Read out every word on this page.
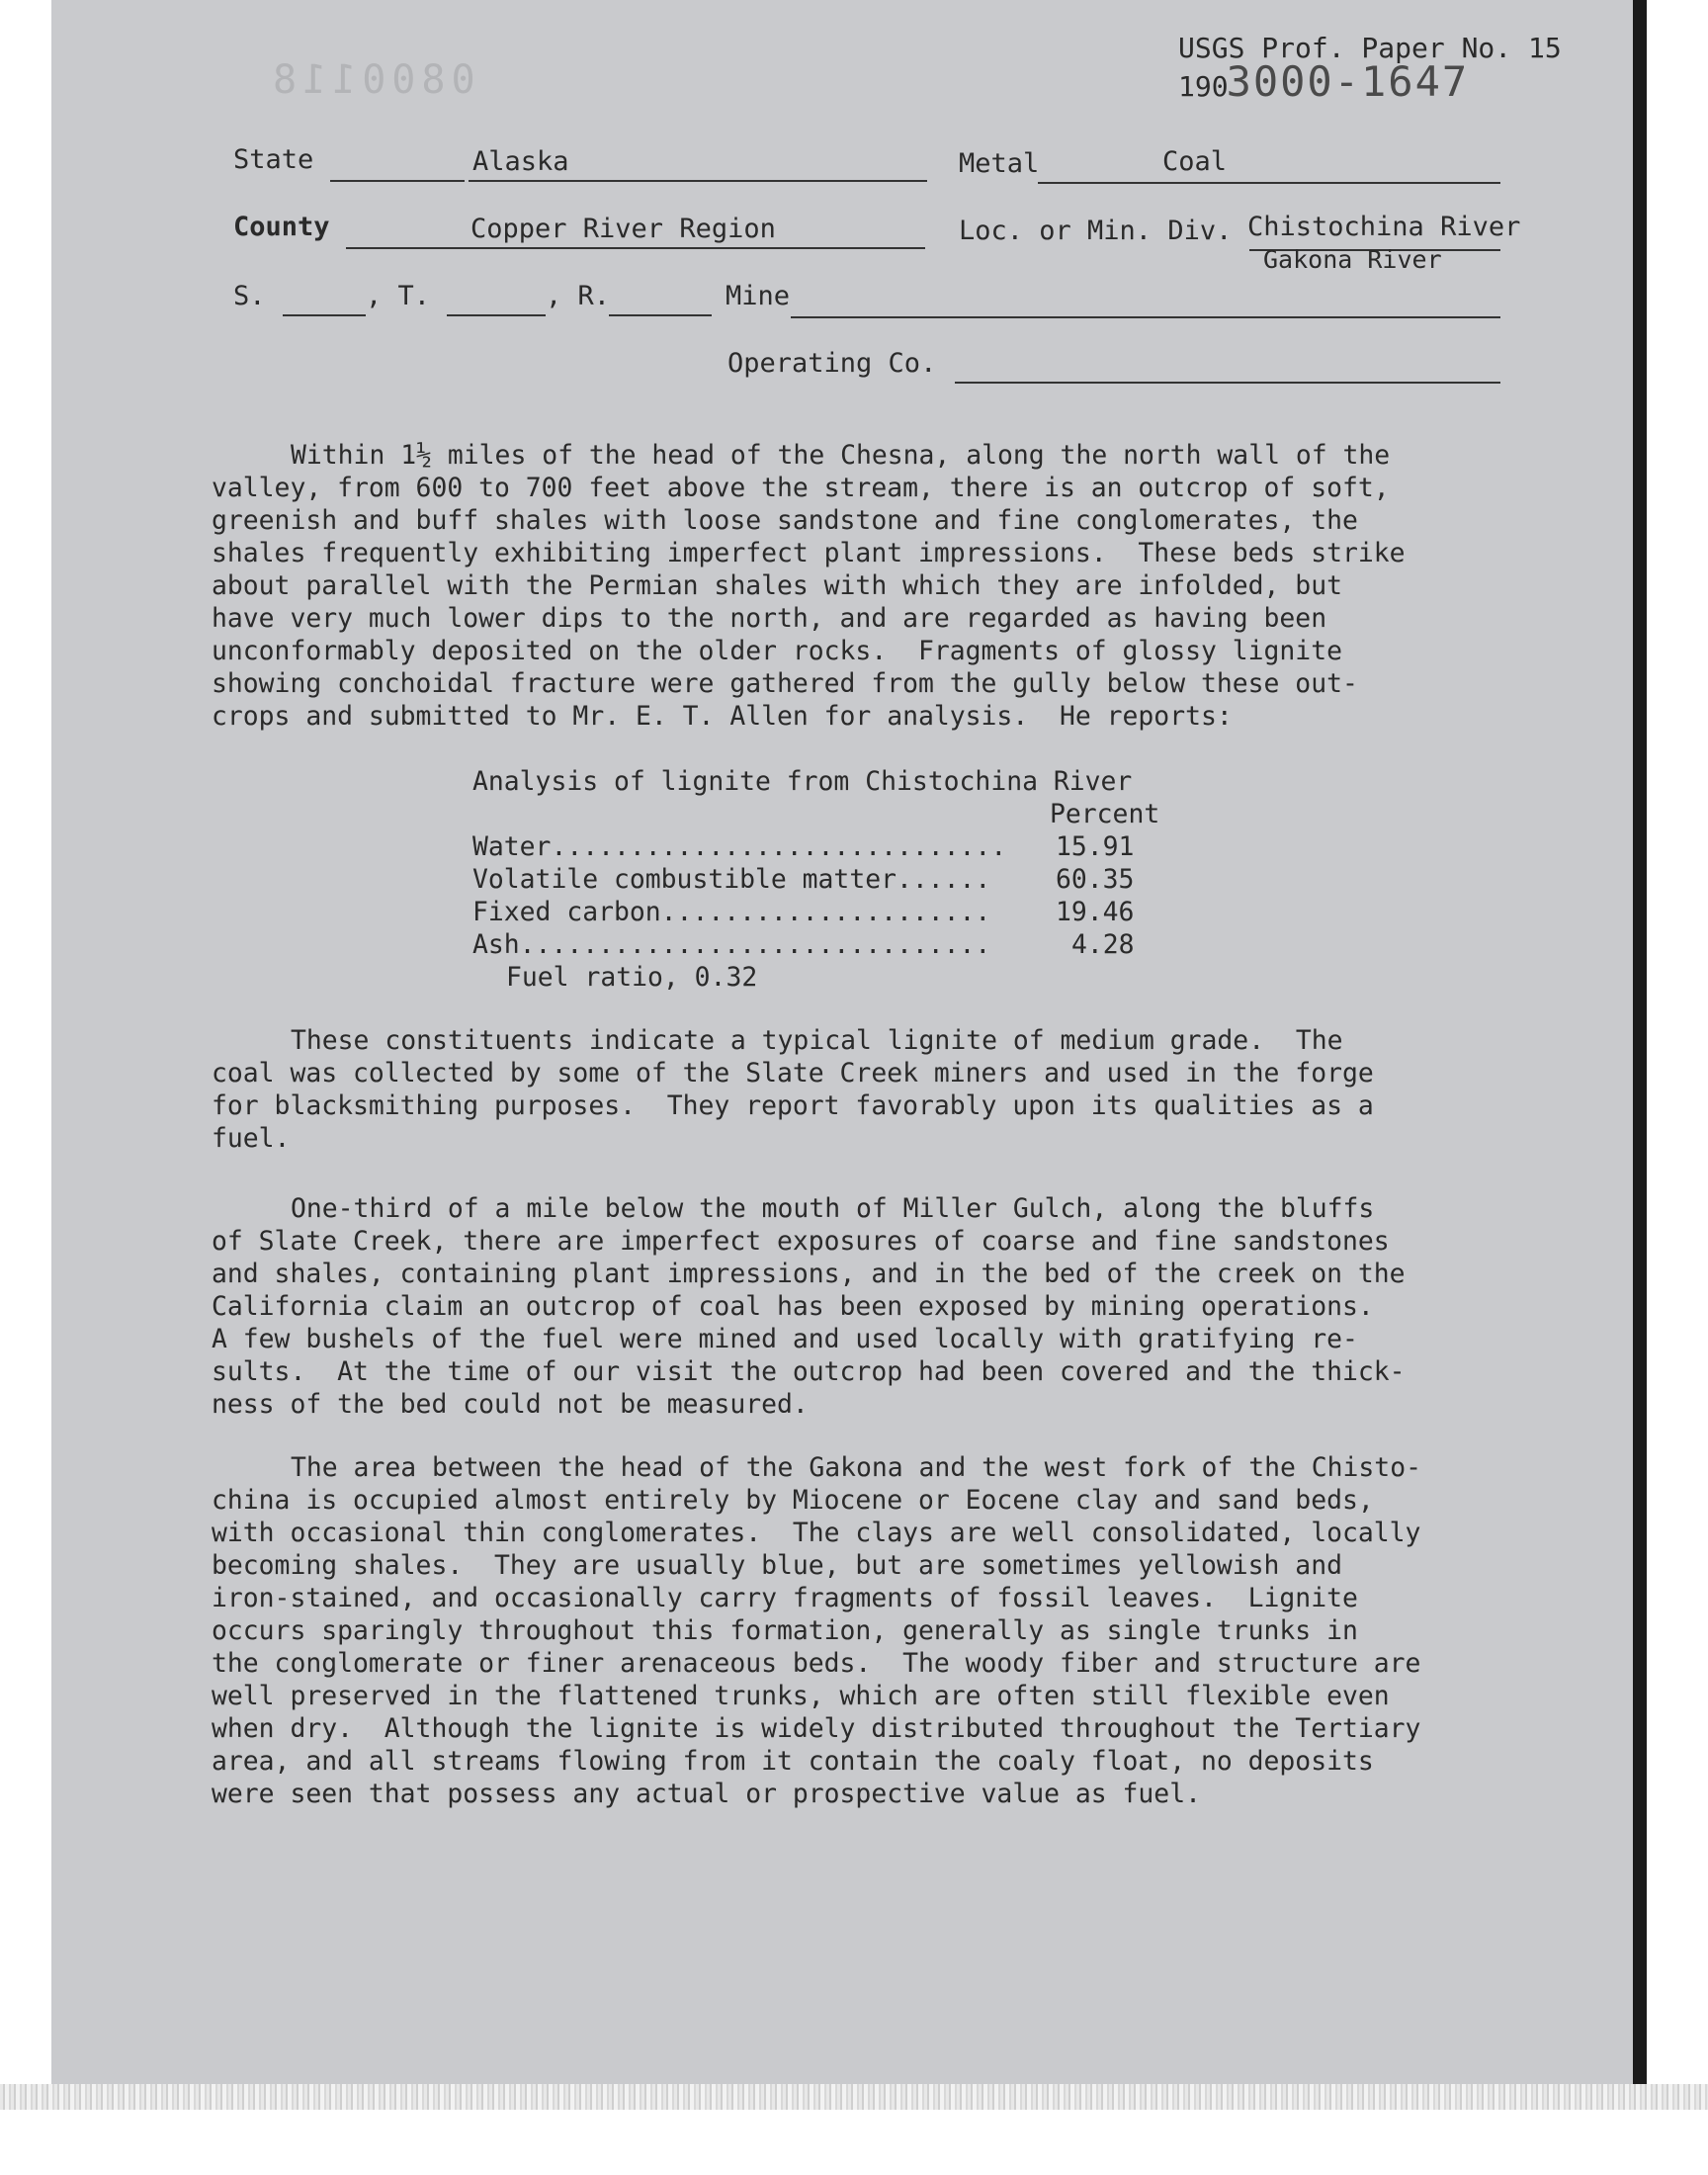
0800118
USGS Prof. Paper No. 15
1903000-1647
State	Alaska	Metal	Coal
County	Copper River Region	Loc. or Min. Div. Chistochina River
Gakona River
S.	, T.	, R.	Mine
Operating Co.
Within 1½ miles of the head of the Chesna, along the north wall of the
valley, from 600 to 700 feet above the stream, there is an outcrop of soft,
greenish and buff shales with loose sandstone and fine conglomerates, the
shales frequently exhibiting imperfect plant impressions.  These beds strike
about parallel with the Permian shales with which they are infolded, but
have very much lower dips to the north, and are regarded as having been
unconformably deposited on the older rocks.  Fragments of glossy lignite
showing conchoidal fracture were gathered from the gully below these out-
crops and submitted to Mr. E. T. Allen for analysis.  He reports:
Analysis of lignite from Chistochina River
Percent
Water............................. 15.91
Volatile combustible matter...... 60.35
Fixed carbon..................... 19.46
Ash..............................	4.28
Fuel ratio, 0.32
These constituents indicate a typical lignite of medium grade.  The
coal was collected by some of the Slate Creek miners and used in the forge
for blacksmithing purposes.  They report favorably upon its qualities as a
fuel.
One-third of a mile below the mouth of Miller Gulch, along the bluffs
of Slate Creek, there are imperfect exposures of coarse and fine sandstones
and shales, containing plant impressions, and in the bed of the creek on the
California claim an outcrop of coal has been exposed by mining operations.
A few bushels of the fuel were mined and used locally with gratifying re-
sults.  At the time of our visit the outcrop had been covered and the thick-
ness of the bed could not be measured.
The area between the head of the Gakona and the west fork of the Chisto-
china is occupied almost entirely by Miocene or Eocene clay and sand beds,
with occasional thin conglomerates.  The clays are well consolidated, locally
becoming shales.  They are usually blue, but are sometimes yellowish and
iron-stained, and occasionally carry fragments of fossil leaves.  Lignite
occurs sparingly throughout this formation, generally as single trunks in
the conglomerate or finer arenaceous beds.  The woody fiber and structure are
well preserved in the flattened trunks, which are often still flexible even
when dry.  Although the lignite is widely distributed throughout the Tertiary
area, and all streams flowing from it contain the coaly float, no deposits
were seen that possess any actual or prospective value as fuel.
